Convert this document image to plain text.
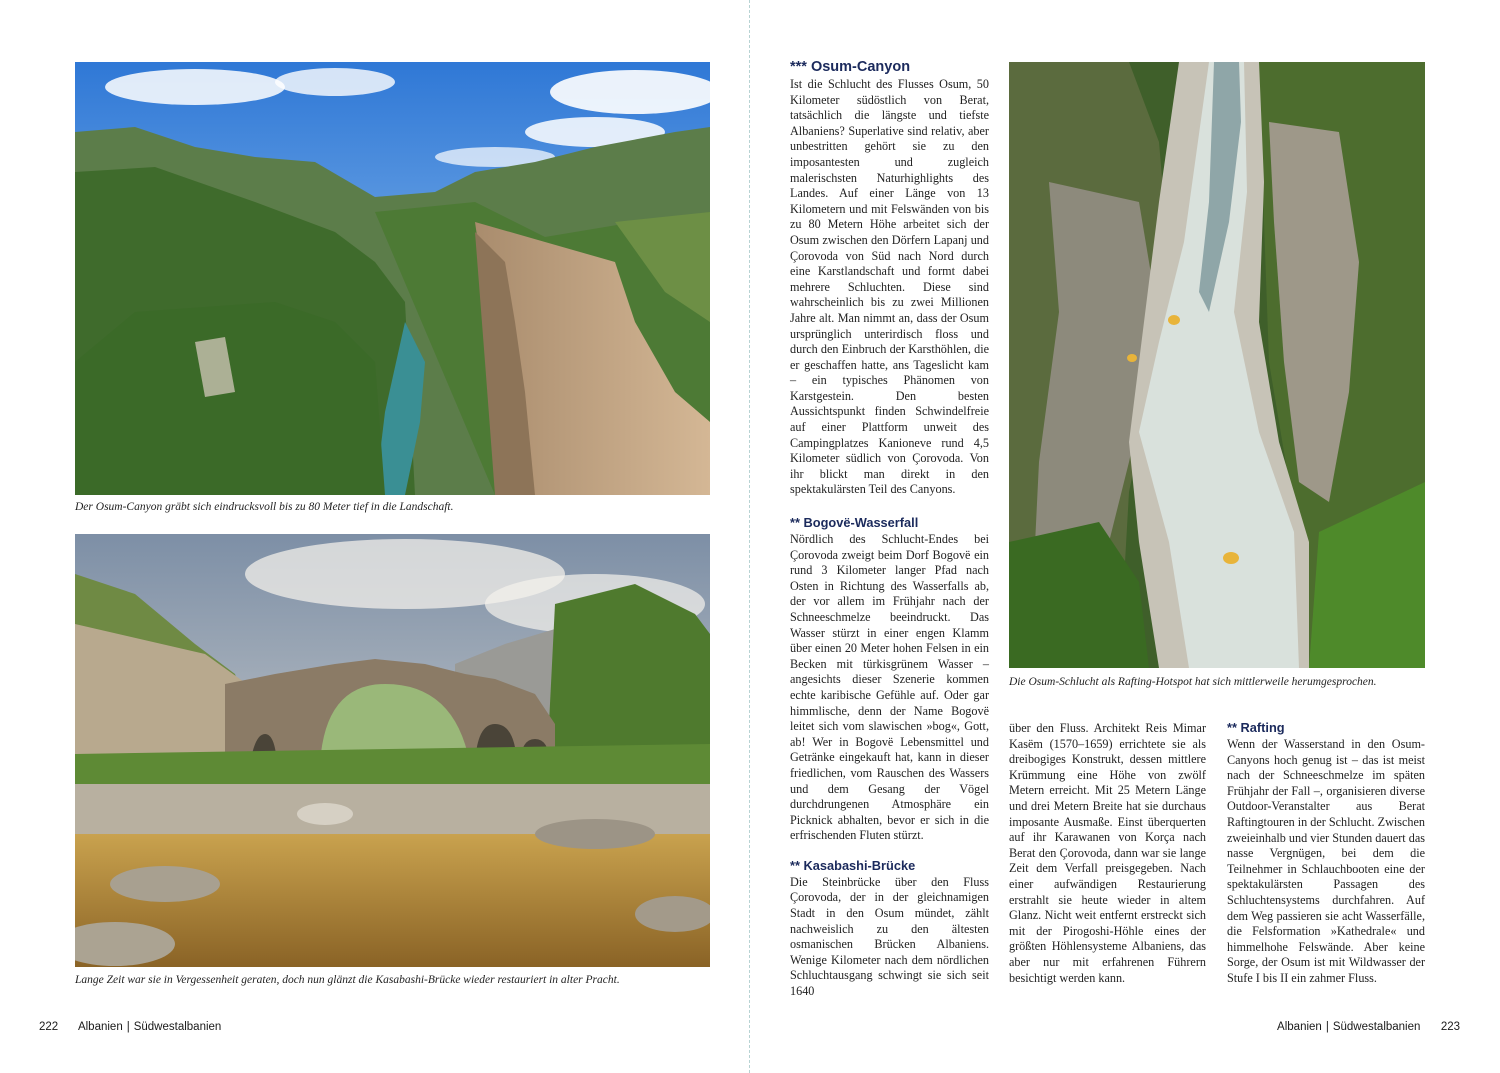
Der Osum-Canyon gräbt sich eindrucksvoll bis zu 80 Meter tief in die Landschaft.
Lange Zeit war sie in Vergessenheit geraten, doch nun glänzt die Kasabashi-Brücke wieder restauriert in alter Pracht.
222 Albanien | Südwestalbanien
*** Osum-Canyon

Ist die Schlucht des Flusses Osum, 50 Kilometer südöstlich von Berat, tatsächlich die längste und tiefste Albaniens? Superlative sind relativ, aber unbestritten gehört sie zu den imposantesten und zugleich malerischsten Naturhighlights des Landes. Auf einer Länge von 13 Kilometern und mit Felswänden von bis zu 80 Metern Höhe arbeitet sich der Osum zwischen den Dörfern Lapanj und Çorovoda von Süd nach Nord durch eine Karstlandschaft und formt dabei mehrere Schluchten. Diese sind wahrscheinlich bis zu zwei Millionen Jahre alt. Man nimmt an, dass der Osum ursprünglich unterirdisch floss und durch den Einbruch der Karsthöhlen, die er geschaffen hatte, ans Tageslicht kam – ein typisches Phänomen von Karstgestein. Den besten Aussichtspunkt finden Schwindelfreie auf einer Plattform unweit des Campingplatzes Kanioneve rund 4,5 Kilometer südlich von Çorovoda. Von ihr blickt man direkt in den spektakulärsten Teil des Canyons.

** Bogovë-Wasserfall

Nördlich des Schlucht-Endes bei Çorovoda zweigt beim Dorf Bogovë ein rund 3 Kilometer langer Pfad nach Osten in Richtung des Wasserfalls ab, der vor allem im Frühjahr nach der Schneeschmelze beeindruckt. Das Wasser stürzt in einer engen Klamm über einen 20 Meter hohen Felsen in ein Becken mit türkisgrünem Wasser – angesichts dieser Szenerie kommen echte karibische Gefühle auf. Oder gar himmlische, denn der Name Bogovë leitet sich vom slawischen »bog«, Gott, ab! Wer in Bogovë Lebensmittel und Getränke eingekauft hat, kann in dieser friedlichen, vom Rauschen des Wassers und dem Gesang der Vögel durchdrungenen Atmosphäre ein Picknick abhalten, bevor er sich in die erfrischenden Fluten stürzt.

** Kasabashi-Brücke

Die Steinbrücke über den Fluss Çorovoda, der in der gleichnamigen Stadt in den Osum mündet, zählt nachweislich zu den ältesten osmanischen Brücken Albaniens. Wenige Kilometer nach dem nördlichen Schluchtausgang schwingt sie sich seit 1640

Die Osum-Schlucht als Rafting-Hotspot hat sich mittlerweile herumgesprochen.

über den Fluss. Architekt Reis Mimar Kasëm (1570–1659) errichtete sie als dreibogiges Konstrukt, dessen mittlere Krümmung eine Höhe von zwölf Metern erreicht. Mit 25 Metern Länge und drei Metern Breite hat sie durchaus imposante Ausmaße. Einst überquerten auf ihr Karawanen von Korça nach Berat den Çorovoda, dann war sie lange Zeit dem Verfall preisgegeben. Nach einer aufwändigen Restaurierung erstrahlt sie heute wieder in altem Glanz. Nicht weit entfernt erstreckt sich mit der Pirogoshi-Höhle eines der größten Höhlensysteme Albaniens, das aber nur mit erfahrenen Führern besichtigt werden kann.

** Rafting

Wenn der Wasserstand in den Osum-Canyons hoch genug ist – das ist meist nach der Schneeschmelze im späten Frühjahr der Fall –, organisieren diverse Outdoor-Veranstalter aus Berat Raftingtouren in der Schlucht. Zwischen zweieinhalb und vier Stunden dauert das nasse Vergnügen, bei dem die Teilnehmer in Schlauchbooten eine der spektakulärsten Passagen des Schluchtensystems durchfahren. Auf dem Weg passieren sie acht Wasserfälle, die Felsformation »Kathedrale« und himmelhohe Felswände. Aber keine Sorge, der Osum ist mit Wildwasser der Stufe I bis II ein zahmer Fluss.

Albanien | Südwestalbanien 223
